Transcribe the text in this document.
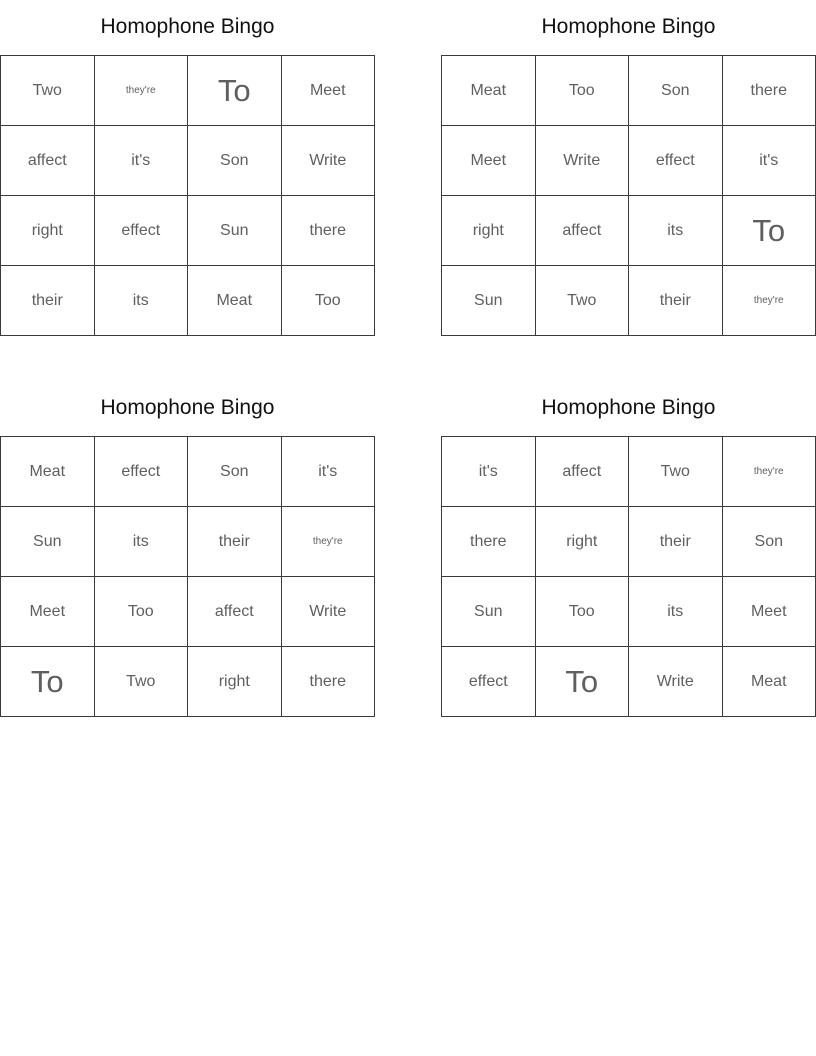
Homophone Bingo
Two	they're	To	Meet
affect	it's	Son	Write
right	effect	Sun	there
their	its	Meat	Too
Homophone Bingo
Meat	Too	Son	there
Meet	Write	effect	it's
right	affect	its	To
Sun	Two	their	they're
Homophone Bingo
Meat	effect	Son	it's
Sun	its	their	they're
Meet	Too	affect	Write
To	Two	right	there
Homophone Bingo
it's	affect	Two	they're
there	right	their	Son
Sun	Too	its	Meet
effect	To	Write	Meat
